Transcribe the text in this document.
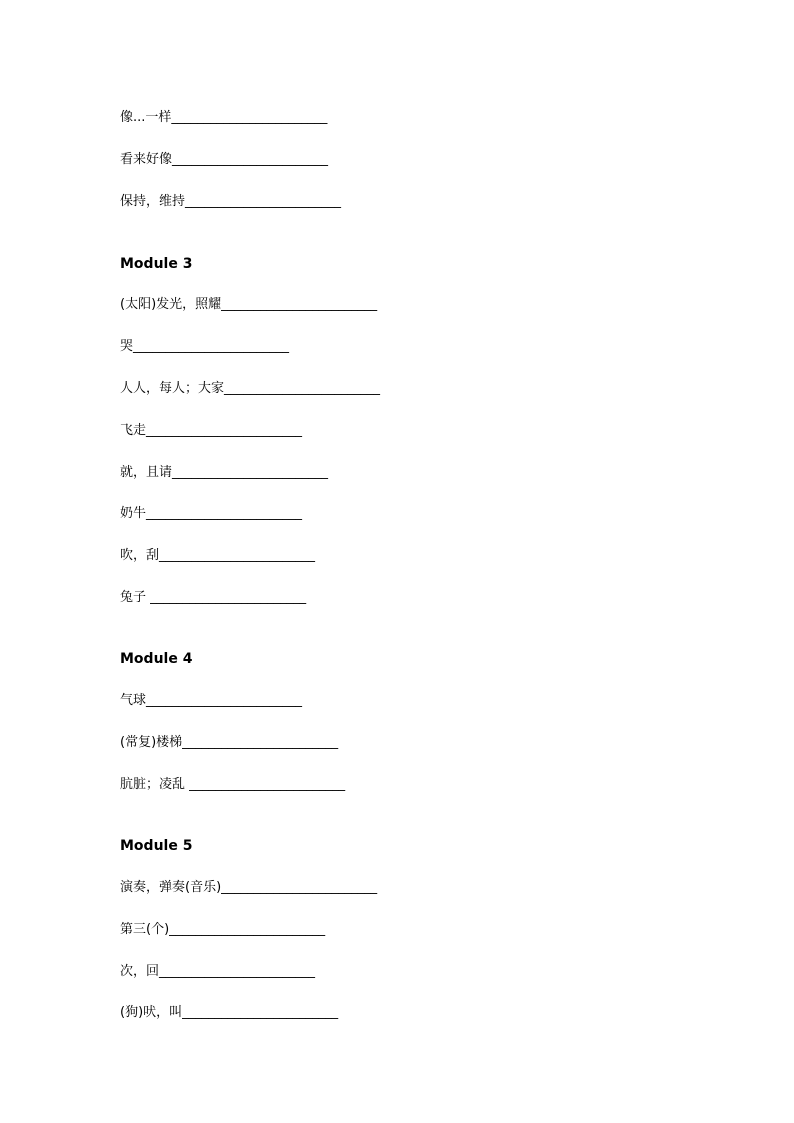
像...一样________________________
看来好像________________________
保持，维持________________________
Module 3
(太阳)发光，照耀________________________
哭________________________
人人，每人；大家________________________
飞走________________________
就，且请________________________
奶牛________________________
吹，刮________________________
兔子 ________________________
Module 4
气球________________________
(常复)楼梯________________________
肮脏；凌乱 ________________________
Module 5
演奏，弹奏(音乐)________________________
第三(个)________________________
次，回________________________
(狗)吠，叫________________________
